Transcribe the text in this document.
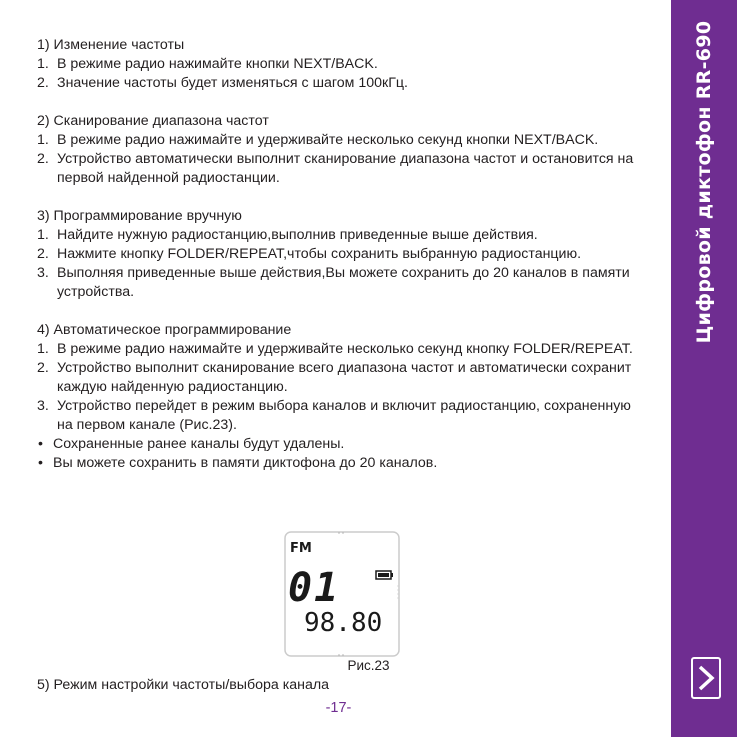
1) Изменение частоты
1. В режиме радио нажимайте кнопки NEXT/BACK.
2. Значение частоты будет изменяться с шагом 100кГц.
2) Сканирование диапазона частот
1. В режиме радио нажимайте и удерживайте несколько секунд кнопки NEXT/BACK.
2. Устройство автоматически выполнит сканирование диапазона частот и остановится на первой найденной радиостанции.
3) Программирование вручную
1. Найдите нужную радиостанцию,выполнив приведенные выше действия.
2. Нажмите кнопку FOLDER/REPEAT,чтобы сохранить выбранную радиостанцию.
3. Выполняя приведенные выше действия,Вы можете сохранить до 20 каналов в памяти устройства.
4) Автоматическое программирование
1. В режиме радио нажимайте и удерживайте несколько секунд кнопку FOLDER/REPEAT.
2. Устройство выполнит сканирование всего диапазона частот и автоматически сохранит каждую найденную радиостанцию.
3. Устройство перейдет в режим выбора каналов и включит радиостанцию, сохраненную на первом канале (Рис.23).
• Сохраненные ранее каналы будут удалены.
• Вы можете сохранить в памяти диктофона до 20 каналов.
FM
01
98.80
Рис.23
5) Режим настройки частоты/выбора канала
-17-
Цифровой диктофон RR-690
